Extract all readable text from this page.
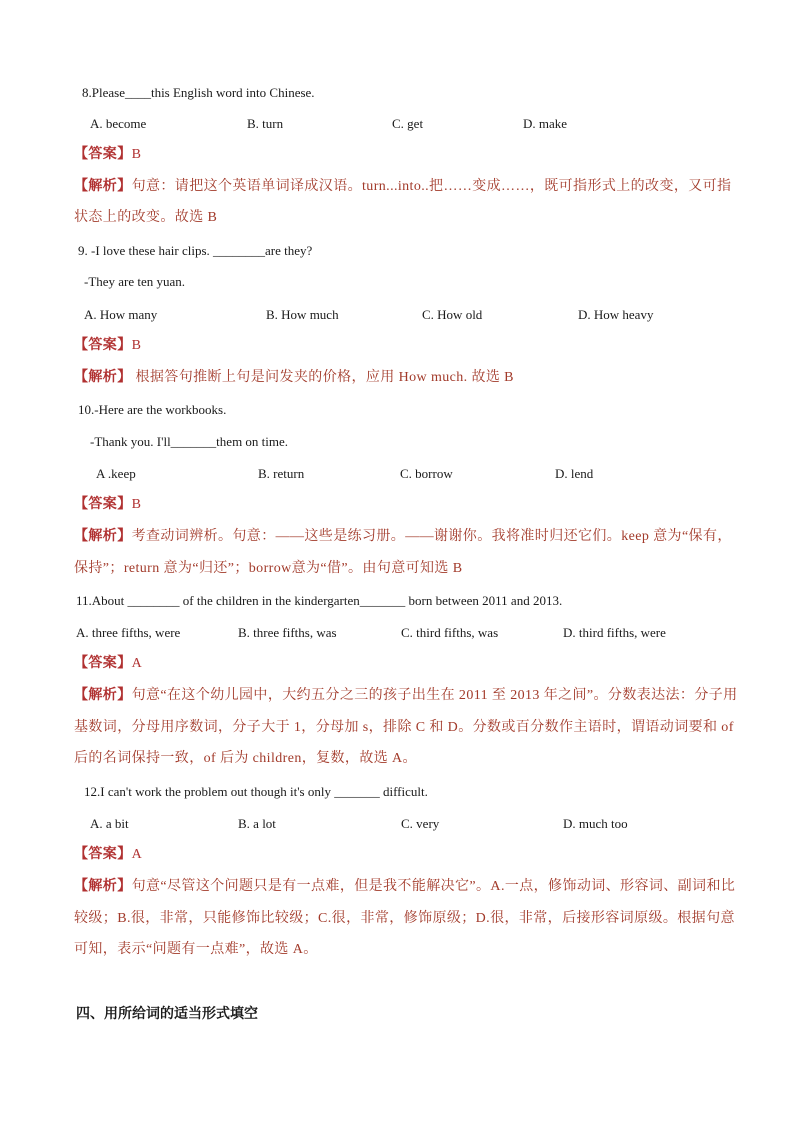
8.Please____this English word into Chinese.
A. become	B. turn	C. get	D. make
【答案】B
【解析】句意：请把这个英语单词译成汉语。turn...into..把……变成……，既可指形式上的改变，又可指
状态上的改变。故选 B
9. -I love these hair clips. ________are they?
-They are ten yuan.
A. How many	B. How much	C. How old	D. How heavy
【答案】B
【解析】 根据答句推断上句是问发夹的价格，应用 How much. 故选 B
10.-Here are the workbooks.
-Thank you. I'll_______them on time.
A .keep	B. return	C. borrow	D. lend
【答案】B
【解析】考查动词辨析。句意：——这些是练习册。——谢谢你。我将准时归还它们。keep 意为“保有，
保持”；return 意为“归还”；borrow意为“借”。由句意可知选 B
11.About ________ of the children in the kindergarten_______ born between 2011 and 2013.
A. three fifths, were	B. three fifths, was	C. third fifths, was	D. third fifths, were
【答案】A
【解析】句意“在这个幼儿园中，大约五分之三的孩子出生在 2011 至 2013 年之间”。分数表达法：分子用
基数词，分母用序数词，分子大于 1，分母加 s，排除 C 和 D。分数或百分数作主语时，谓语动词要和 of
后的名词保持一致，of 后为 children，复数，故选 A。
12.I can't work the problem out though it's only _______ difficult.
A. a bit	B. a lot	C. very	D. much too
【答案】A
【解析】句意“尽管这个问题只是有一点难，但是我不能解决它”。A.一点，修饰动词、形容词、副词和比
较级；B.很，非常，只能修饰比较级；C.很，非常，修饰原级；D.很，非常，后接形容词原级。根据句意
可知，表示“问题有一点难”，故选 A。
四、用所给词的适当形式填空
